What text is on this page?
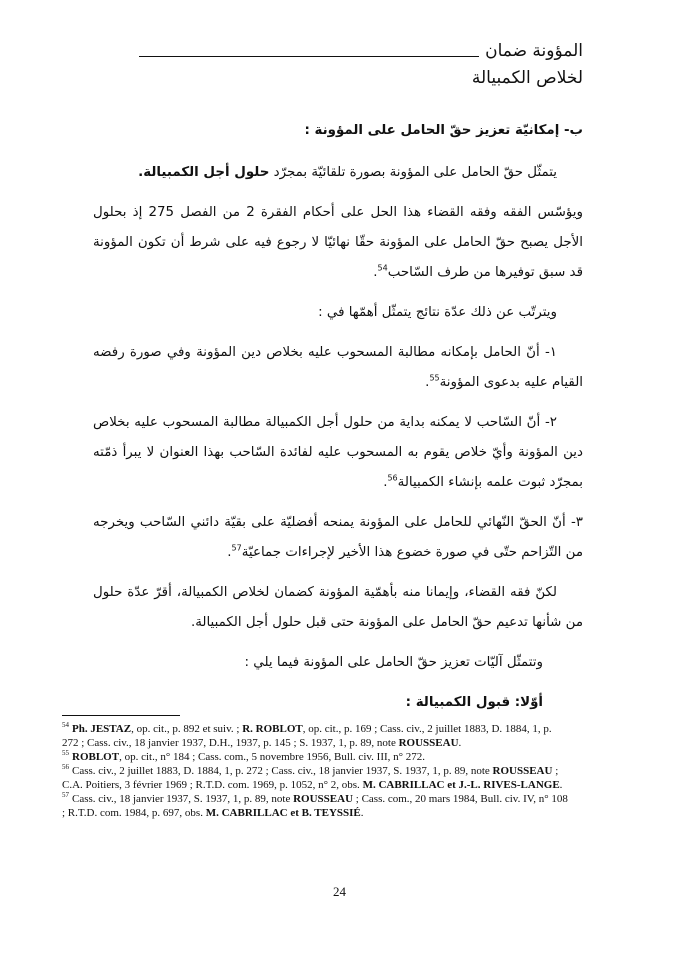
المؤونة ضمان
لخلاص الكمبيالة

ب- إمكانيّة تعزيز حقّ الحامل على المؤونة :

يتمثّل حقّ الحامل على المؤونة بصورة تلقائيّة بمجرّد حلول أجل الكمبيالة.

ويؤسّس الفقه وفقه القضاء هذا الحل على أحكام الفقرة 2 من الفصل 275 إذ بحلول الأجل يصبح حقّ الحامل على المؤونة حقّا نهائيّا لا رجوع فيه على شرط أن تكون المؤونة قد سبق توفيرها من طرف السّاحب$^{54}$.

ويترتّب عن ذلك عدّة نتائج يتمثّل أهمّها في :

١- أنّ الحامل بإمكانه مطالبة المسحوب عليه بخلاص دين المؤونة وفي صورة رفضه القيام عليه بدعوى المؤونة$^{55}$.

٢- أنّ السّاحب لا يمكنه بداية من حلول أجل الكمبيالة مطالبة المسحوب عليه بخلاص دين المؤونة وأيّ خلاص يقوم به المسحوب عليه لفائدة السّاحب بهذا العنوان لا يبرأ ذمّته بمجرّد ثبوت علمه بإنشاء الكمبيالة$^{56}$.

٣- أنّ الحقّ النّهائي للحامل على المؤونة يمنحه أفضليّة على بقيّة دائني السّاحب ويخرجه من التّزاحم حتّى في صورة خضوع هذا الأخير لإجراءات جماعيّة$^{57}$.

لكنّ فقه القضاء، وإيمانا منه بأهمّية المؤونة كضمان لخلاص الكمبيالة، أقرّ عدّة حلول من شأنها تدعيم حقّ الحامل على المؤونة حتى قبل حلول أجل الكمبيالة.

وتتمثّل آليّات تعزيز حقّ الحامل على المؤونة فيما يلي :

أوّلا: قبول الكمبيالة :

$^{54}$ Ph. JESTAZ, op. cit., p. 892 et suiv. ; R. ROBLOT, op. cit., p. 169 ; Cass. civ., 2 juillet 1883, D. 1884, 1, p. 272 ; Cass. civ., 18 janvier 1937, D.H., 1937, p. 145 ; S. 1937, 1, p. 89, note ROUSSEAU.

$^{55}$ ROBLOT, op. cit., n° 184 ; Cass. com., 5 novembre 1956, Bull. civ. III, n° 272.

$^{56}$ Cass. civ., 2 juillet 1883, D. 1884, 1, p. 272 ; Cass. civ., 18 janvier 1937, S. 1937, 1, p. 89, note ROUSSEAU ; C.A. Poitiers, 3 février 1969 ; R.T.D. com. 1969, p. 1052, n° 2, obs. M. CABRILLAC et J.-L. RIVES-LANGE.

$^{57}$ Cass. civ., 18 janvier 1937, S. 1937, 1, p. 89, note ROUSSEAU ; Cass. com., 20 mars 1984, Bull. civ. IV, n° 108 ; R.T.D. com. 1984, p. 697, obs. M. CABRILLAC et B. TEYSSIÉ.

24
